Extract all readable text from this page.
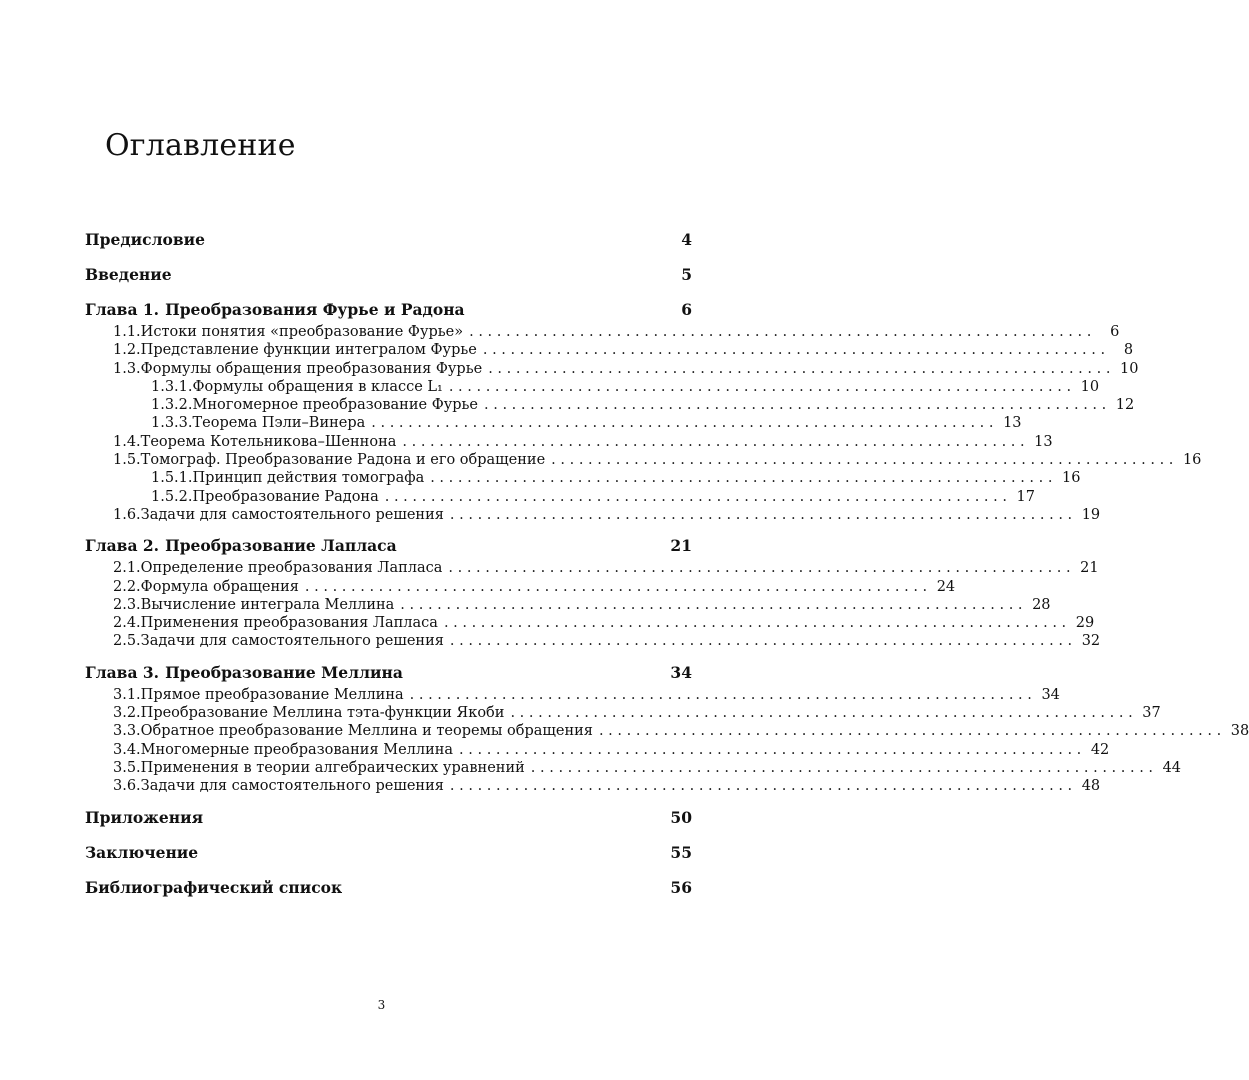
Оглавление
Предисловие	4
Введение	5
Глава 1. Преобразования Фурье и Радона	6
1.1. Истоки понятия «преобразование Фурье» . . .	6
1.2. Представление функции интегралом Фурье . . .	8
1.3. Формулы обращения преобразования Фурье . . .	10
1.3.1. Формулы обращения в классе L₁ . . .	10
1.3.2. Многомерное преобразование Фурье . . .	12
1.3.3. Теорема Пэли–Винера . . .	13
1.4. Теорема Котельникова–Шеннона . . .	13
1.5. Томограф. Преобразование Радона и его обращение . . .	16
1.5.1. Принцип действия томографа . . .	16
1.5.2. Преобразование Радона . . .	17
1.6. Задачи для самостоятельного решения . . .	19
Глава 2. Преобразование Лапласа	21
2.1. Определение преобразования Лапласа . . .	21
2.2. Формула обращения . . .	24
2.3. Вычисление интеграла Меллина . . .	28
2.4. Применения преобразования Лапласа . . .	29
2.5. Задачи для самостоятельного решения . . .	32
Глава 3. Преобразование Меллина	34
3.1. Прямое преобразование Меллина . . .	34
3.2. Преобразование Меллина тэта-функции Якоби . . .	37
3.3. Обратное преобразование Меллина и теоремы обращения . . .	38
3.4. Многомерные преобразования Меллина . . .	42
3.5. Применения в теории алгебраических уравнений . . .	44
3.6. Задачи для самостоятельного решения . . .	48
Приложения	50
Заключение	55
Библиографический список	56
3
